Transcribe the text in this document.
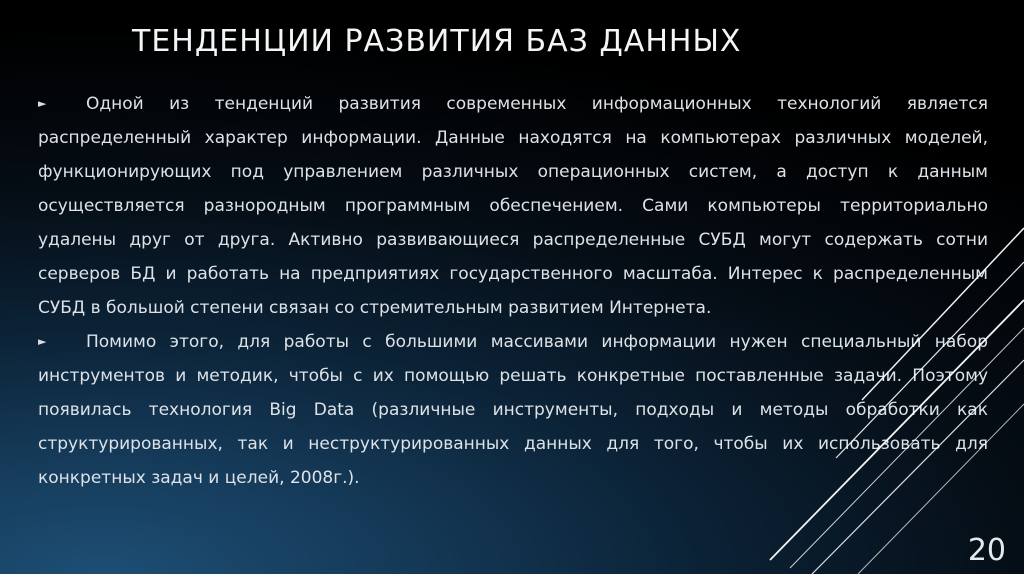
ТЕНДЕНЦИИ РАЗВИТИЯ БАЗ ДАННЫХ

► Одной из тенденций развития современных информационных технологий является распределенный характер информации. Данные находятся на компьютерах различных моделей, функционирующих под управлением различных операционных систем, а доступ к данным осуществляется разнородным программным обеспечением. Сами компьютеры территориально удалены друг от друга. Активно развивающиеся распределенные СУБД могут содержать сотни серверов БД и работать на предприятиях государственного масштаба. Интерес к распределенным СУБД в большой степени связан со стремительным развитием Интернета.

► Помимо этого, для работы с большими массивами информации нужен специальный набор инструментов и методик, чтобы с их помощью решать конкретные поставленные задачи. Поэтому появилась технология Big Data (различные инструменты, подходы и методы обработки как структурированных, так и неструктурированных данных для того, чтобы их использовать для конкретных задач и целей, 2008г.).

20
